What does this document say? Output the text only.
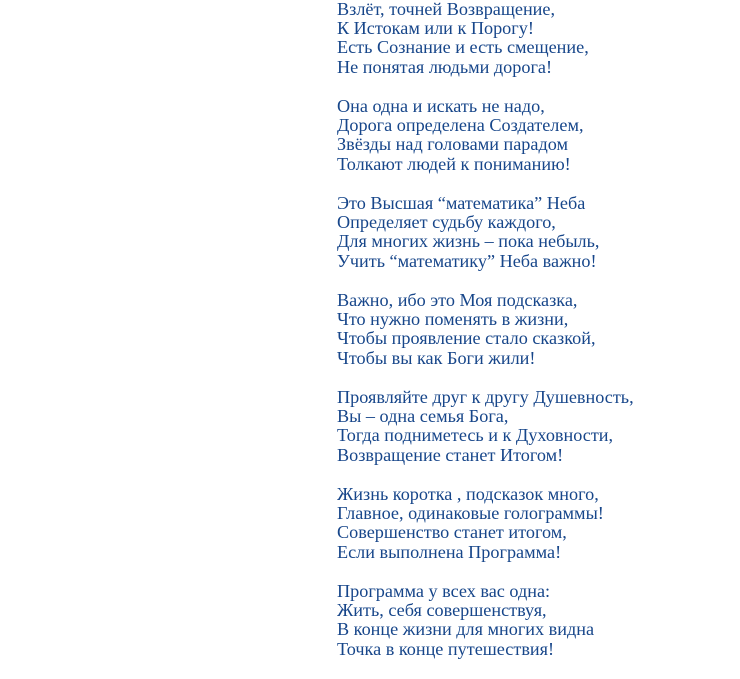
Взлёт, точней Возвращение,
К Истокам или к Порогу!
Есть Сознание и есть смещение,
Не понятая людьми дорога!
Она одна и искать не надо,
Дорога определена Создателем,
Звёзды над головами парадом
Толкают людей к пониманию!
Это Высшая “математика” Неба
Определяет судьбу каждого,
Для многих жизнь – пока небыль,
Учить “математику” Неба важно!
Важно, ибо это Моя подсказка,
Что нужно поменять в жизни,
Чтобы проявление стало сказкой,
Чтобы вы как Боги жили!
Проявляйте друг к другу Душевность,
Вы – одна семья Бога,
Тогда подниметесь и к Духовности,
Возвращение станет Итогом!
Жизнь коротка , подсказок много,
Главное, одинаковые голограммы!
Совершенство станет итогом,
Если выполнена Программа!
Программа у всех вас одна:
Жить, себя совершенствуя,
В конце жизни для многих видна
Точка в конце путешествия!
